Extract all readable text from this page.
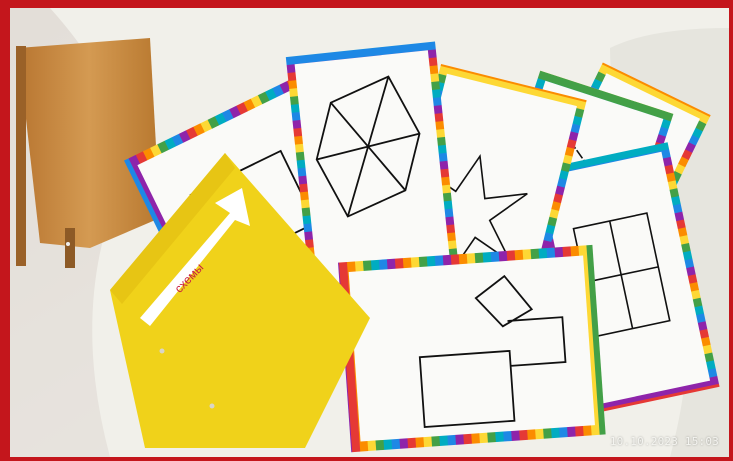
схемы
10.10.2023 15:03
